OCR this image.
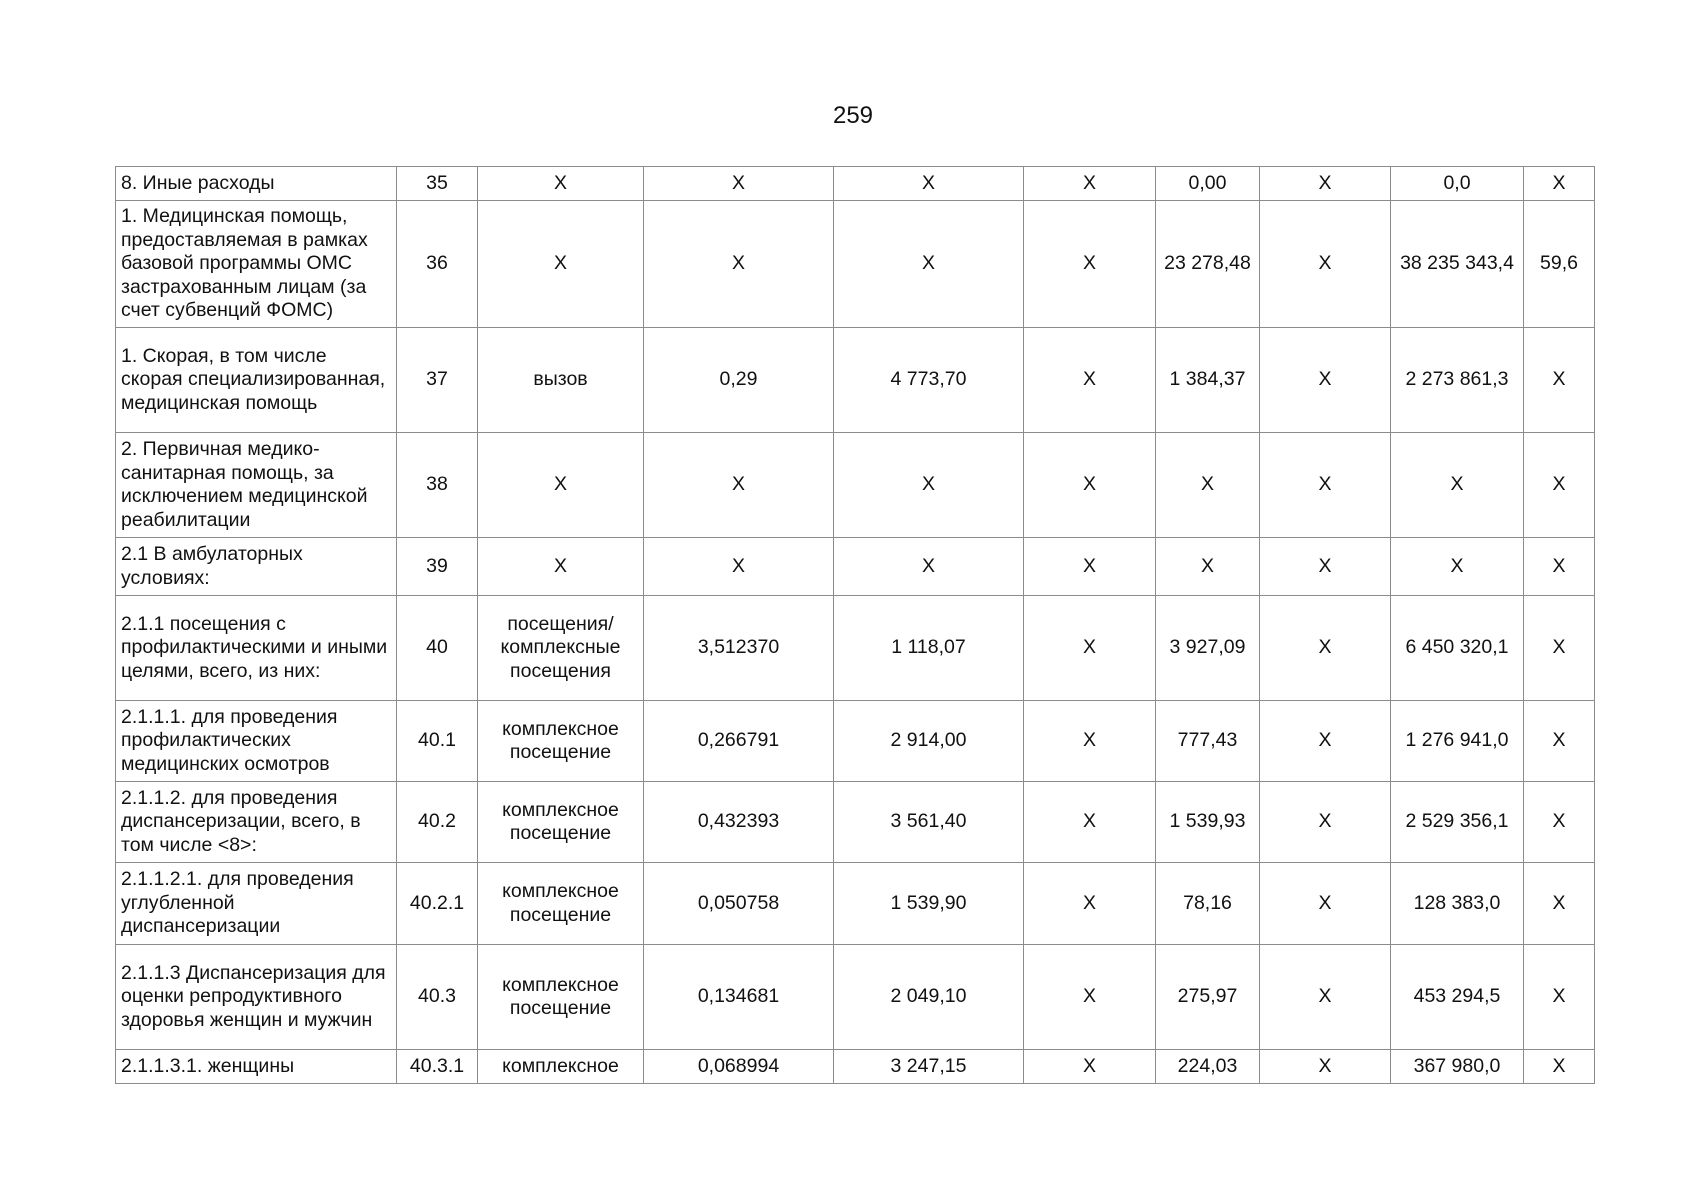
259
8. Иные расходы	35	X	X	X	X	0,00	X	0,0	X
1. Медицинская помощь, предоставляемая в рамках базовой программы ОМС застрахованным лицам (за счет субвенций ФОМС)	36	X	X	X	X	23 278,48	X	38 235 343,4	59,6
1. Скорая, в том числе скорая специализированная, медицинская помощь	37	вызов	0,29	4 773,70	X	1 384,37	X	2 273 861,3	X
2. Первичная медико-санитарная помощь, за исключением медицинской реабилитации	38	X	X	X	X	X	X	X	X
2.1 В амбулаторных условиях:	39	X	X	X	X	X	X	X	X
2.1.1 посещения с профилактическими и иными целями, всего, из них:	40	посещения/ комплексные посещения	3,512370	1 118,07	X	3 927,09	X	6 450 320,1	X
2.1.1.1. для проведения профилактических медицинских осмотров	40.1	комплексное посещение	0,266791	2 914,00	X	777,43	X	1 276 941,0	X
2.1.1.2. для проведения диспансеризации, всего, в том числе <8>:	40.2	комплексное посещение	0,432393	3 561,40	X	1 539,93	X	2 529 356,1	X
2.1.1.2.1. для проведения углубленной диспансеризации	40.2.1	комплексное посещение	0,050758	1 539,90	X	78,16	X	128 383,0	X
2.1.1.3 Диспансеризация для оценки репродуктивного здоровья женщин и мужчин	40.3	комплексное посещение	0,134681	2 049,10	X	275,97	X	453 294,5	X
2.1.1.3.1. женщины	40.3.1	комплексное	0,068994	3 247,15	X	224,03	X	367 980,0	X
